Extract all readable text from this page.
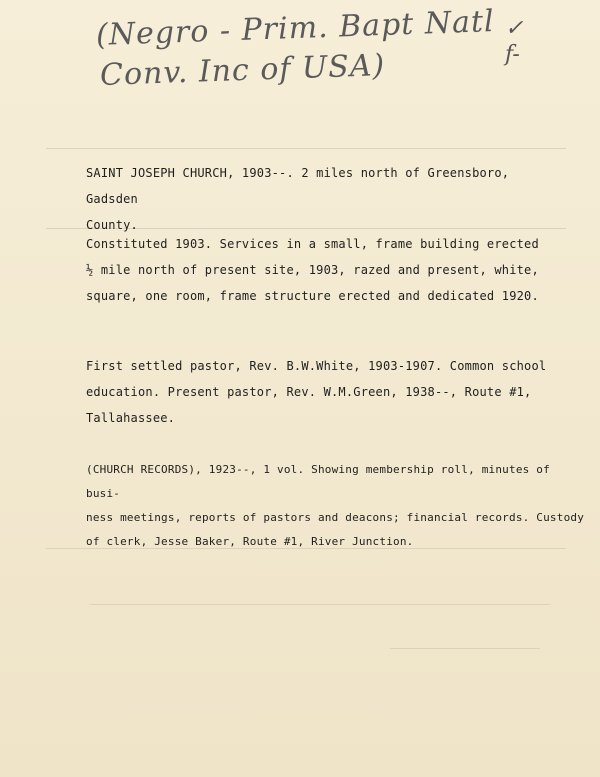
(Negro - Prim. Bapt Natl
Conv. Inc of USA)
✓
f-

SAINT JOSEPH CHURCH, 1903--. 2 miles north of Greensboro, Gadsden

County.

Constituted 1903. Services in a small, frame building erected

½ mile north of present site, 1903, razed and present, white,

square, one room, frame structure erected and dedicated 1920.

First settled pastor, Rev. B.W.White, 1903-1907. Common school

education. Present pastor, Rev. W.M.Green, 1938--, Route #1,

Tallahassee.

(CHURCH RECORDS), 1923--, 1 vol. Showing membership roll, minutes of busi-

ness meetings, reports of pastors and deacons; financial records. Custody

of clerk, Jesse Baker, Route #1, River Junction.
